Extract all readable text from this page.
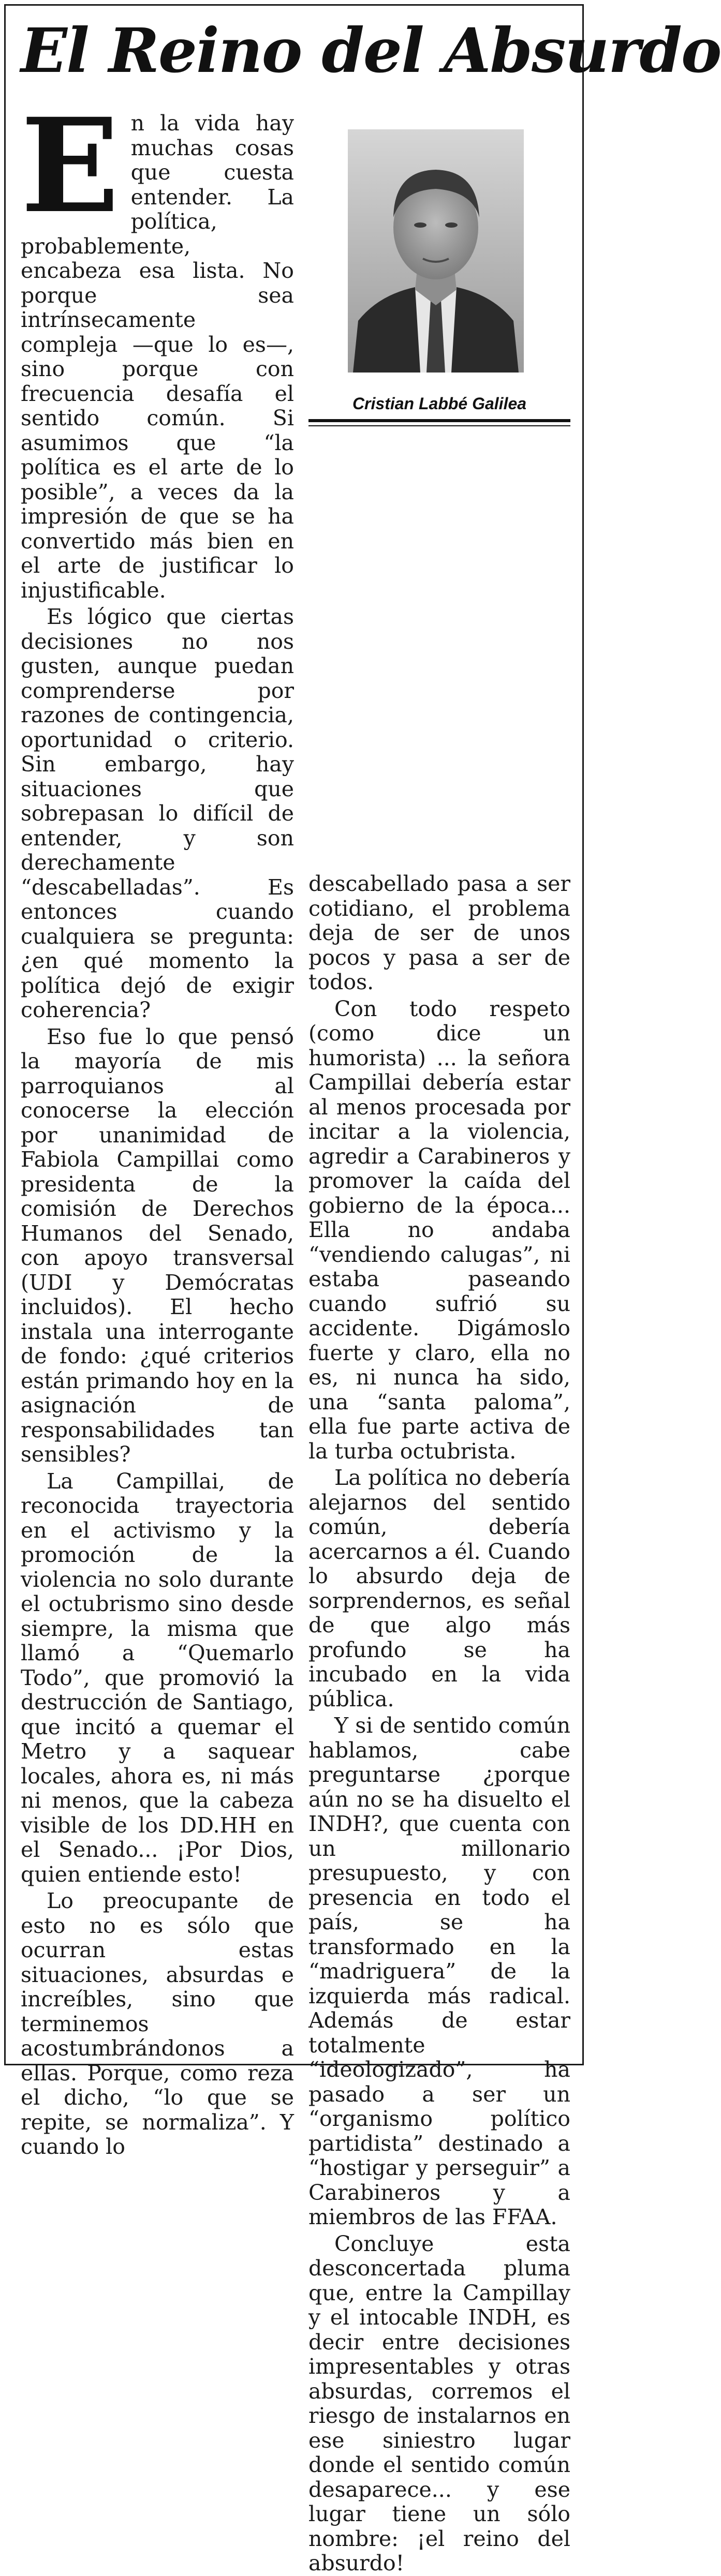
El Reino del Absurdo

En la vida hay muchas cosas que cuesta entender. La política, probablemente, encabeza esa lista. No porque sea intrínsecamente compleja —que lo es—, sino porque con frecuencia desafía el sentido común. Si asumimos que “la política es el arte de lo posible”, a veces da la impresión de que se ha convertido más bien en el arte de justificar lo injustificable.

Es lógico que ciertas decisiones no nos gusten, aunque puedan comprenderse por razones de contingencia, oportunidad o criterio. Sin embargo, hay situaciones que sobrepasan lo difícil de entender, y son derechamente “descabelladas”. Es entonces cuando cualquiera se pregunta: ¿en qué momento la política dejó de exigir coherencia?

Eso fue lo que pensó la mayoría de mis parroquianos al conocerse la elección por unanimidad de Fabiola Campillai como presidenta de la comisión de Derechos Humanos del Senado, con apoyo transversal (UDI y Demócratas incluidos). El hecho instala una interrogante de fondo: ¿qué criterios están primando hoy en la asignación de responsabilidades tan sensibles?

La Campillai, de reconocida trayectoria en el activismo y la promoción de la violencia no solo durante el octubrismo sino desde siempre, la misma que llamó a “Quemarlo Todo”, que promovió la destrucción de Santiago, que incitó a quemar el Metro y a saquear locales, ahora es, ni más ni menos, que la cabeza visible de los DD.HH en el Senado... ¡Por Dios, quien entiende esto!

Lo preocupante de esto no es sólo que ocurran estas situaciones, absurdas e increíbles, sino que terminemos acostumbrándonos a ellas. Porque, como reza el dicho, “lo que se repite, se normaliza”. Y cuando lo

Cristian Labbé Galilea

descabellado pasa a ser cotidiano, el problema deja de ser de unos pocos y pasa a ser de todos.

Con todo respeto (como dice un humorista) ... la señora Campillai debería estar al menos procesada por incitar a la violencia, agredir a Carabineros y promover la caída del gobierno de la época... Ella no andaba “vendiendo calugas”, ni estaba paseando cuando sufrió su accidente. Digámoslo fuerte y claro, ella no es, ni nunca ha sido, una “santa paloma”, ella fue parte activa de la turba octubrista.

La política no debería alejarnos del sentido común, debería acercarnos a él. Cuando lo absurdo deja de sorprendernos, es señal de que algo más profundo se ha incubado en la vida pública.

Y si de sentido común hablamos, cabe preguntarse ¿porque aún no se ha disuelto el INDH?, que cuenta con un millonario presupuesto, y con presencia en todo el país, se ha transformado en la “madriguera” de la izquierda más radical. Además de estar totalmente “ideologizado”, ha pasado a ser un “organismo político partidista” destinado a “hostigar y perseguir” a Carabineros y a miembros de las FFAA.

Concluye esta desconcertada pluma que, entre la Campillay y el intocable INDH, es decir entre decisiones impresentables y otras absurdas, corremos el riesgo de instalarnos en ese siniestro lugar donde el sentido común desaparece... y ese lugar tiene un sólo nombre: ¡el reino del absurdo!
